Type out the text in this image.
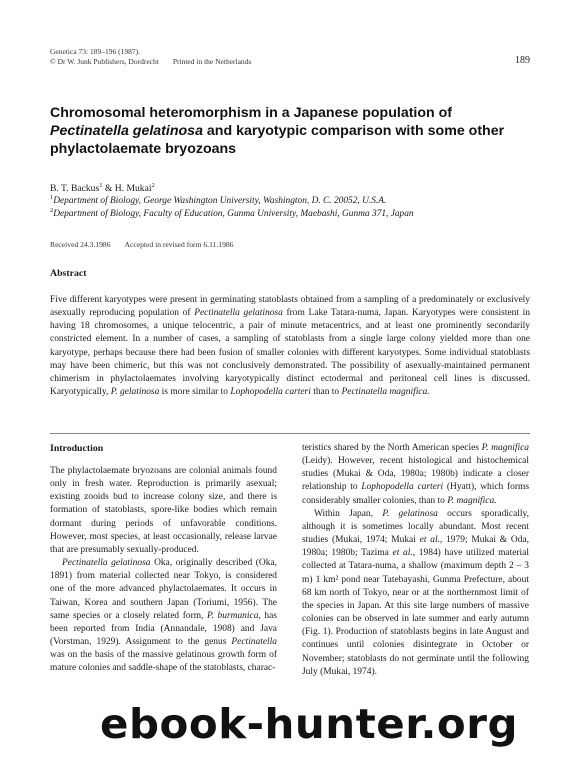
Genetica 73: 189–196 (1987).
© Dr W. Junk Publishers, Dordrecht Printed in the Netherlands	189
Chromosomal heteromorphism in a Japanese population of Pectinatella gelatinosa and karyotypic comparison with some other phylactolaemate bryozoans
B. T. Backus$^1$ & H. Mukai$^2$
$^1$Department of Biology, George Washington University, Washington, D. C. 20052, U.S.A.
$^2$Department of Biology, Faculty of Education, Gunma University, Maebashi, Gunma 371, Japan
Received 24.3.1986 Accepted in revised form 6.11.1986
Abstract
Five different karyotypes were present in germinating statoblasts obtained from a sampling of a predominately or exclusively asexually reproducing population of Pectinatella gelatinosa from Lake Tatara-numa, Japan. Karyotypes were consistent in having 18 chromosomes, a unique telocentric, a pair of minute metacentrics, and at least one prominently secondarily constricted element. In a number of cases, a sampling of statoblasts from a single large colony yielded more than one karyotype, perhaps because there had been fusion of smaller colonies with different karyotypes. Some individual statoblasts may have been chimeric, but this was not conclusively demonstrated. The possibility of asexually-maintained permanent chimerism in phylactolaemates involving karyotypically distinct ectodermal and peritoneal cell lines is discussed. Karyotypically, P. gelatinosa is more similar to Lophopodella carteri than to Pectinatella magnifica.
Introduction

The phylactolaemate bryozoans are colonial animals found only in fresh water. Reproduction is primarily asexual; existing zooids bud to increase colony size, and there is formation of statoblasts, spore-like bodies which remain dormant during periods of unfavorable conditions. However, most species, at least occasionally, release larvae that are presumably sexually-produced.

Pectinatella gelatinosa Oka, originally described (Oka, 1891) from material collected near Tokyo, is considered one of the more advanced phylactolaemates. It occurs in Taiwan, Korea and southern Japan (Toriumi, 1956). The same species or a closely related form, P. burmanica, has been reported from India (Annandale, 1908) and Java (Vorstman, 1929). Assignment to the genus Pectinatella was on the basis of the massive gelatinous growth form of mature colonies and saddle-shape of the statoblasts, charac-

teristics shared by the North American species P. magnifica (Leidy). However, recent histological and histochemical studies (Mukai & Oda, 1980a; 1980b) indicate a closer relationship to Lophopodella carteri (Hyatt), which forms considerably smaller colonies, than to P. magnifica.

Within Japan, P. gelatinosa occurs sporadically, although it is sometimes locally abundant. Most recent studies (Mukai, 1974; Mukai et al., 1979; Mukai & Oda, 1980a; 1980b; Tazima et al., 1984) have utilized material collected at Tatara-numa, a shallow (maximum depth 2 – 3 m) 1 km² pond near Tatebayashi, Gunma Prefecture, about 68 km north of Tokyo, near or at the northernmost limit of the species in Japan. At this site large numbers of massive colonies can be observed in late summer and early autumn (Fig. 1). Production of statoblasts begins in late August and continues until colonies disintegrate in October or November; statoblasts do not germinate until the following July (Mukai, 1974).

ebook-hunter.org
